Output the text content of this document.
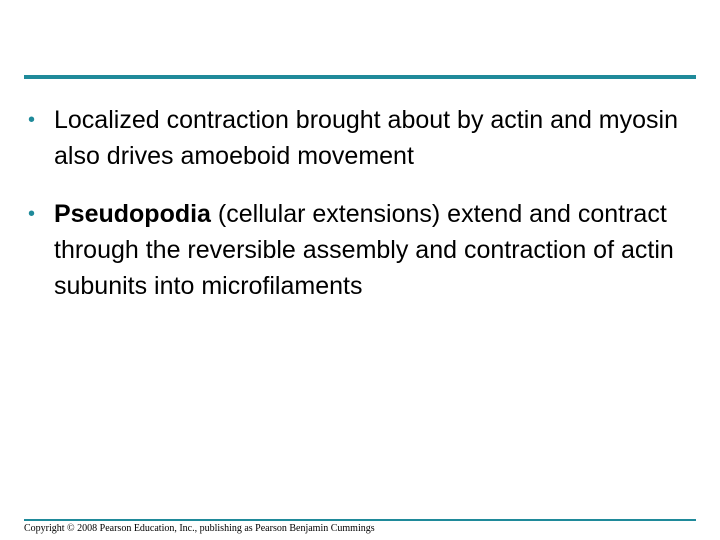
• Localized contraction brought about by actin and myosin also drives amoeboid movement
• Pseudopodia (cellular extensions) extend and contract through the reversible assembly and contraction of actin subunits into microfilaments
Copyright © 2008 Pearson Education, Inc., publishing as Pearson Benjamin Cummings
